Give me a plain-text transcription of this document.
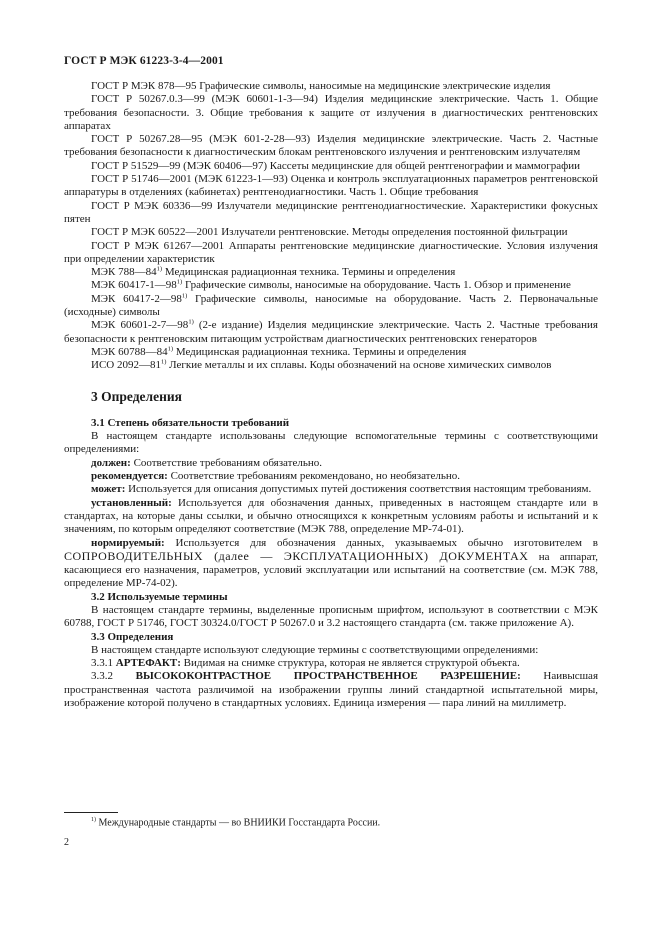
ГОСТ Р МЭК 61223-3-4—2001

ГОСТ Р МЭК 878—95 Графические символы, наносимые на медицинские электрические изделия

ГОСТ Р 50267.0.3—99 (МЭК 60601-1-3—94) Изделия медицинские электрические. Часть 1. Общие требования безопасности. 3. Общие требования к защите от излучения в диагностических рентгеновских аппаратах

ГОСТ Р 50267.28—95 (МЭК 601-2-28—93) Изделия медицинские электрические. Часть 2. Частные требования безопасности к диагностическим блокам рентгеновского излучения и рентгеновским излучателям

ГОСТ Р 51529—99 (МЭК 60406—97) Кассеты медицинские для общей рентгенографии и маммографии

ГОСТ Р 51746—2001 (МЭК 61223-1—93) Оценка и контроль эксплуатационных параметров рентгеновской аппаратуры в отделениях (кабинетах) рентгенодиагностики. Часть 1. Общие требования

ГОСТ Р МЭК 60336—99 Излучатели медицинские рентгенодиагностические. Характеристики фокусных пятен

ГОСТ Р МЭК 60522—2001 Излучатели рентгеновские. Методы определения постоянной фильтрации

ГОСТ Р МЭК 61267—2001 Аппараты рентгеновские медицинские диагностические. Условия излучения при определении характеристик

МЭК 788—84$^{1)}$ Медицинская радиационная техника. Термины и определения

МЭК 60417-1—98$^{1)}$ Графические символы, наносимые на оборудование. Часть 1. Обзор и применение

МЭК 60417-2—98$^{1)}$ Графические символы, наносимые на оборудование. Часть 2. Первоначальные (исходные) символы

МЭК 60601-2-7—98$^{1)}$ (2-е издание) Изделия медицинские электрические. Часть 2. Частные требования безопасности к рентгеновским питающим устройствам диагностических рентгеновских генераторов

МЭК 60788—84$^{1)}$ Медицинская радиационная техника. Термины и определения

ИСО 2092—81$^{1)}$ Легкие металлы и их сплавы. Коды обозначений на основе химических символов

3 Определения

3.1 Степень обязательности требований

В настоящем стандарте использованы следующие вспомогательные термины с соответствующими определениями:

должен: Соответствие требованиям обязательно.

рекомендуется: Соответствие требованиям рекомендовано, но необязательно.

может: Используется для описания допустимых путей достижения соответствия настоящим требованиям.

установленный: Используется для обозначения данных, приведенных в настоящем стандарте или в стандартах, на которые даны ссылки, и обычно относящихся к конкретным условиям работы и испытаний и к значениям, по которым определяют соответствие (МЭК 788, определение МР-74-01).

нормируемый: Используется для обозначения данных, указываемых обычно изготовителем в СОПРОВОДИТЕЛЬНЫХ (далее — ЭКСПЛУАТАЦИОННЫХ) ДОКУМЕНТАХ на аппарат, касающиеся его назначения, параметров, условий эксплуатации или испытаний на соответствие (см. МЭК 788, определение МР-74-02).

3.2 Используемые термины

В настоящем стандарте термины, выделенные прописным шрифтом, используют в соответствии с МЭК 60788, ГОСТ Р 51746, ГОСТ 30324.0/ГОСТ Р 50267.0 и 3.2 настоящего стандарта (см. также приложение А).

3.3 Определения

В настоящем стандарте используют следующие термины с соответствующими определениями:

3.3.1 АРТЕФАКТ: Видимая на снимке структура, которая не является структурой объекта.

3.3.2 ВЫСОКОКОНТРАСТНОЕ ПРОСТРАНСТВЕННОЕ РАЗРЕШЕНИЕ: Наивысшая пространственная частота различимой на изображении группы линий стандартной испытательной миры, изображение которой получено в стандартных условиях. Единица измерения — пара линий на миллиметр.

$^{1)}$ Международные стандарты — во ВНИИКИ Госстандарта России.
2
